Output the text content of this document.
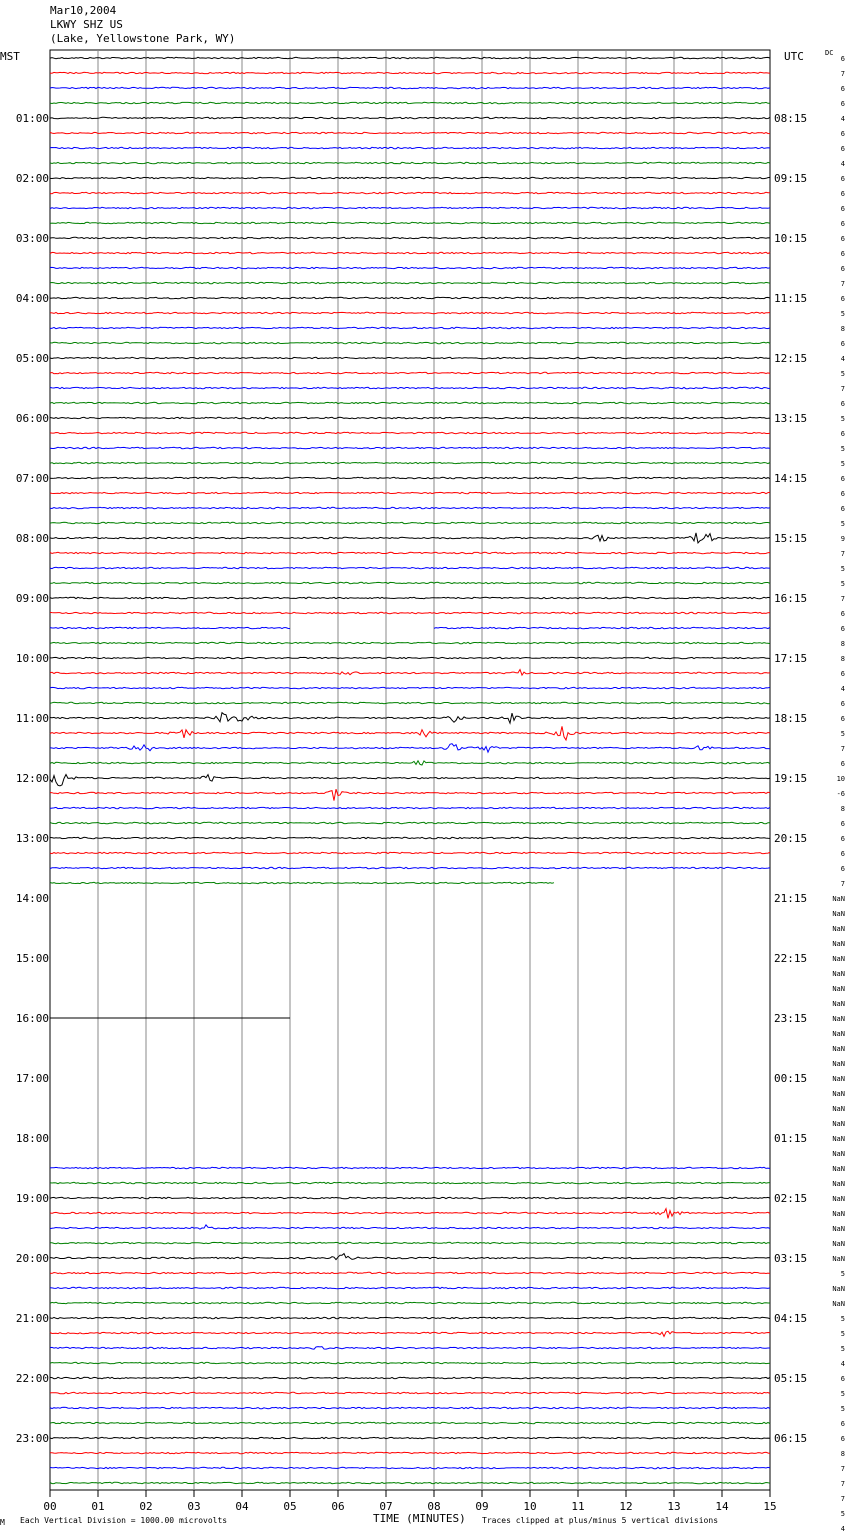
Mar10,2004
LKWY SHZ US
(Lake, Yellowstone Park, WY)
00	01	02	03	04	05	06	07	08	09	10	11	12	13	14	15
01:00
02:00
03:00
04:00
05:00
06:00
07:00
08:00
09:00
10:00
11:00
12:00
13:00
14:00
15:00
16:00
17:00
18:00
19:00
20:00
21:00
22:00
23:00
08:15
09:15
10:15
11:15
12:15
13:15
14:15
15:15
16:15
17:15
18:15
19:15
20:15
21:15
22:15
23:15
00:15
01:15
02:15
03:15
04:15
05:15
06:15
6
7
6
6
4
6
6
4
6
6
6
6
6
6
6
7
6
5
8
6
4
5
7
6
5
6
5
5
6
6
6
5
9
7
5
5
7
6
6
8
8
6
4
6
6
5
7
6
10
-6
8
6
6
6
6
7
NaN
NaN
NaN
NaN
NaN
NaN
NaN
NaN
NaN
NaN
NaN
NaN
NaN
NaN
NaN
NaN
NaN
NaN
NaN
NaN
NaN
NaN
NaN
NaN
NaN
5
NaN
NaN
5
5
5
4
6
5
5
6
6
8
7
7
7
5
4
MST	UTC	DC
M Each Vertical Division = 1000.00 microvolts	TIME (MINUTES) Traces clipped at plus/minus 5 vertical divisions
